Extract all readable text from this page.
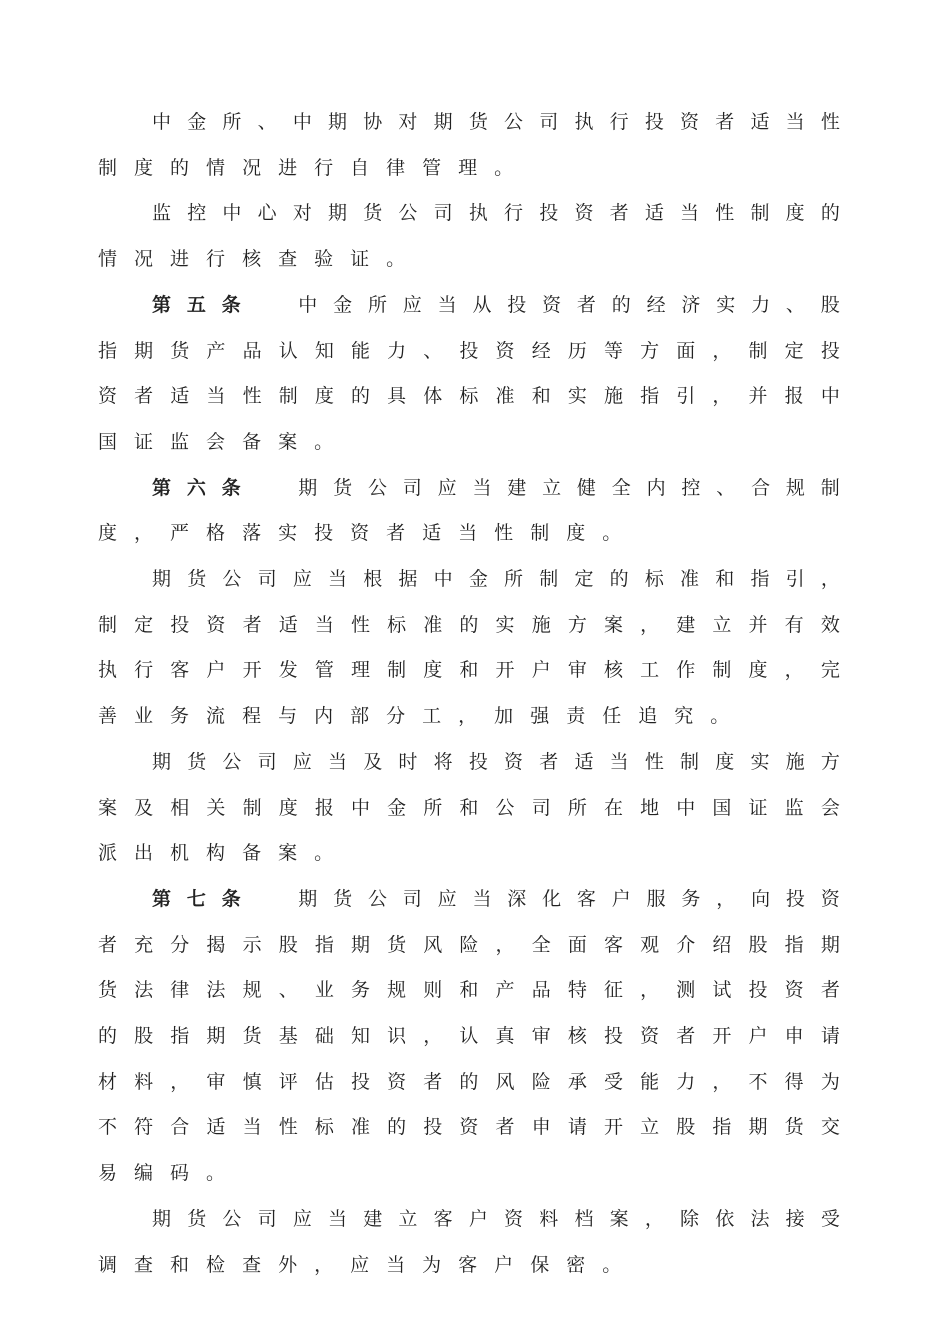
中 金 所 、 中 期 协 对 期 货 公 司 执 行 投 资 者 适 当 性
制 度 的 情 况 进 行 自 律 管 理 。
监 控 中 心 对 期 货 公 司 执 行 投 资 者 适 当 性 制 度 的
情 况 进 行 核 查 验 证 。
第 五 条	中 金 所 应 当 从 投 资 者 的 经 济 实 力 、 股
指 期 货 产 品 认 知 能 力 、 投 资 经 历 等 方 面 ， 制 定 投
资 者 适 当 性 制 度 的 具 体 标 准 和 实 施 指 引 ， 并 报 中
国 证 监 会 备 案 。
第 六 条	期 货 公 司 应 当 建 立 健 全 内 控 、 合 规 制
度 ， 严 格 落 实 投 资 者 适 当 性 制 度 。
期 货 公 司 应 当 根 据 中 金 所 制 定 的 标 准 和 指 引 ，
制 定 投 资 者 适 当 性 标 准 的 实 施 方 案 ， 建 立 并 有 效
执 行 客 户 开 发 管 理 制 度 和 开 户 审 核 工 作 制 度 ， 完
善 业 务 流 程 与 内 部 分 工 ， 加 强 责 任 追 究 。
期 货 公 司 应 当 及 时 将 投 资 者 适 当 性 制 度 实 施 方
案 及 相 关 制 度 报 中 金 所 和 公 司 所 在 地 中 国 证 监 会
派 出 机 构 备 案 。
第 七 条	期 货 公 司 应 当 深 化 客 户 服 务 ， 向 投 资
者 充 分 揭 示 股 指 期 货 风 险 ， 全 面 客 观 介 绍 股 指 期
货 法 律 法 规 、 业 务 规 则 和 产 品 特 征 ， 测 试 投 资 者
的 股 指 期 货 基 础 知 识 ， 认 真 审 核 投 资 者 开 户 申 请
材 料 ， 审 慎 评 估 投 资 者 的 风 险 承 受 能 力 ， 不 得 为
不 符 合 适 当 性 标 准 的 投 资 者 申 请 开 立 股 指 期 货 交
易 编 码 。
期 货 公 司 应 当 建 立 客 户 资 料 档 案 ， 除 依 法 接 受
调 查 和 检 查 外 ， 应 当 为 客 户 保 密 。
